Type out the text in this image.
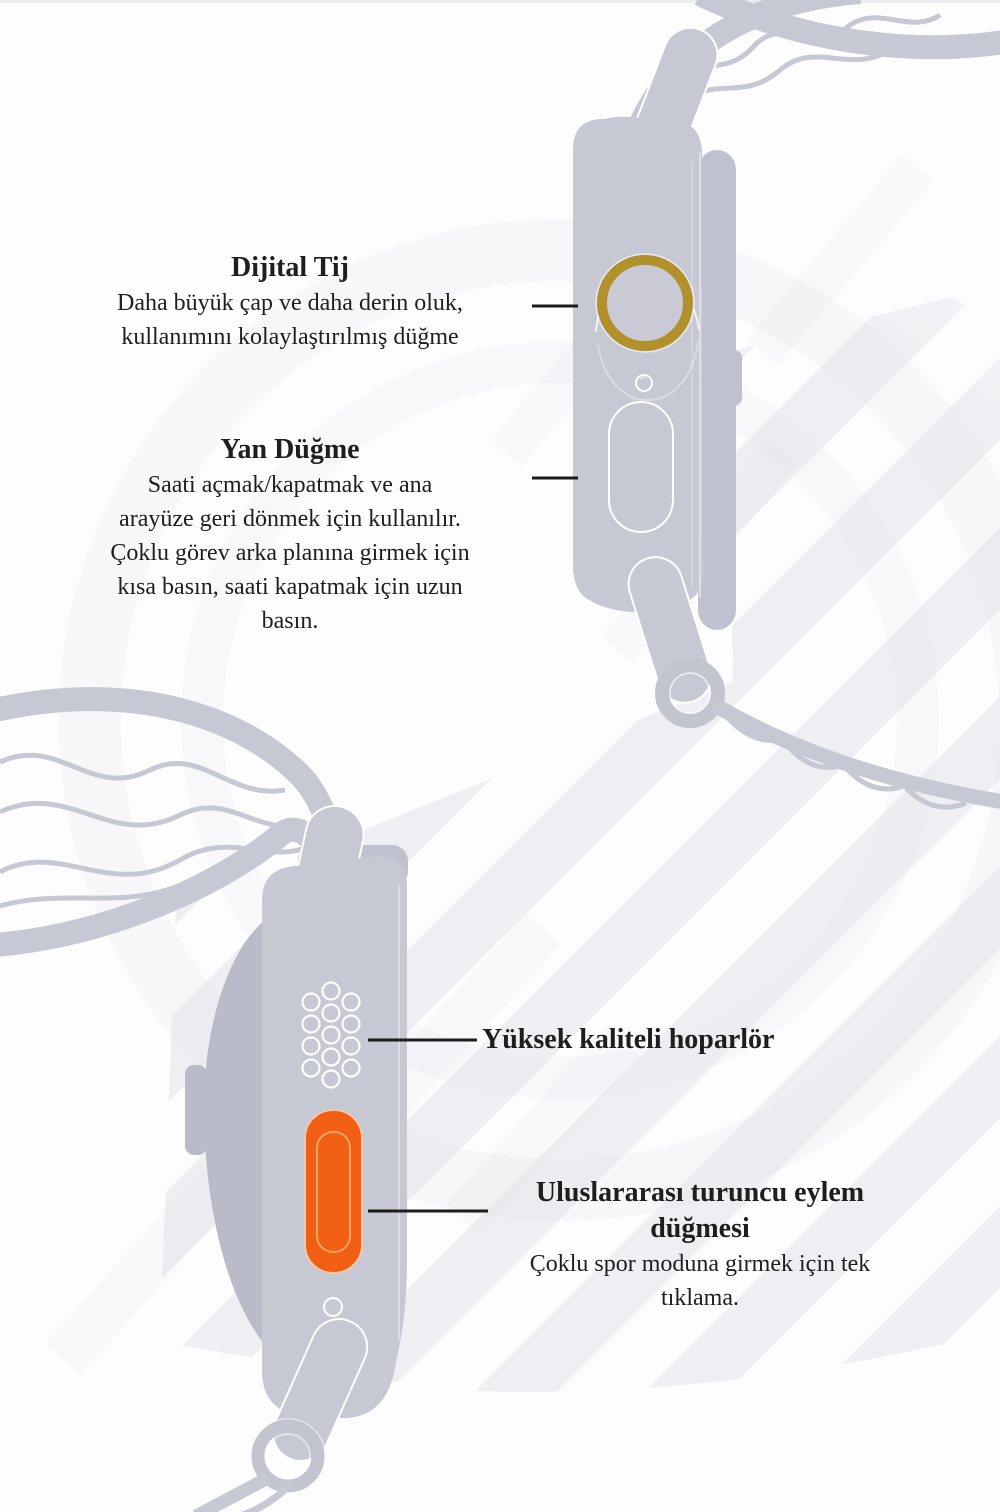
Dijital Tij
Daha büyük çap ve daha derin oluk,
kullanımını kolaylaştırılmış düğme
Yan Düğme
Saati açmak/kapatmak ve ana
arayüze geri dönmek için kullanılır.
Çoklu görev arka planına girmek için
kısa basın, saati kapatmak için uzun
basın.
Yüksek kaliteli hoparlör
Uluslararası turuncu eylem
düğmesi
Çoklu spor moduna girmek için tek
tıklama.
